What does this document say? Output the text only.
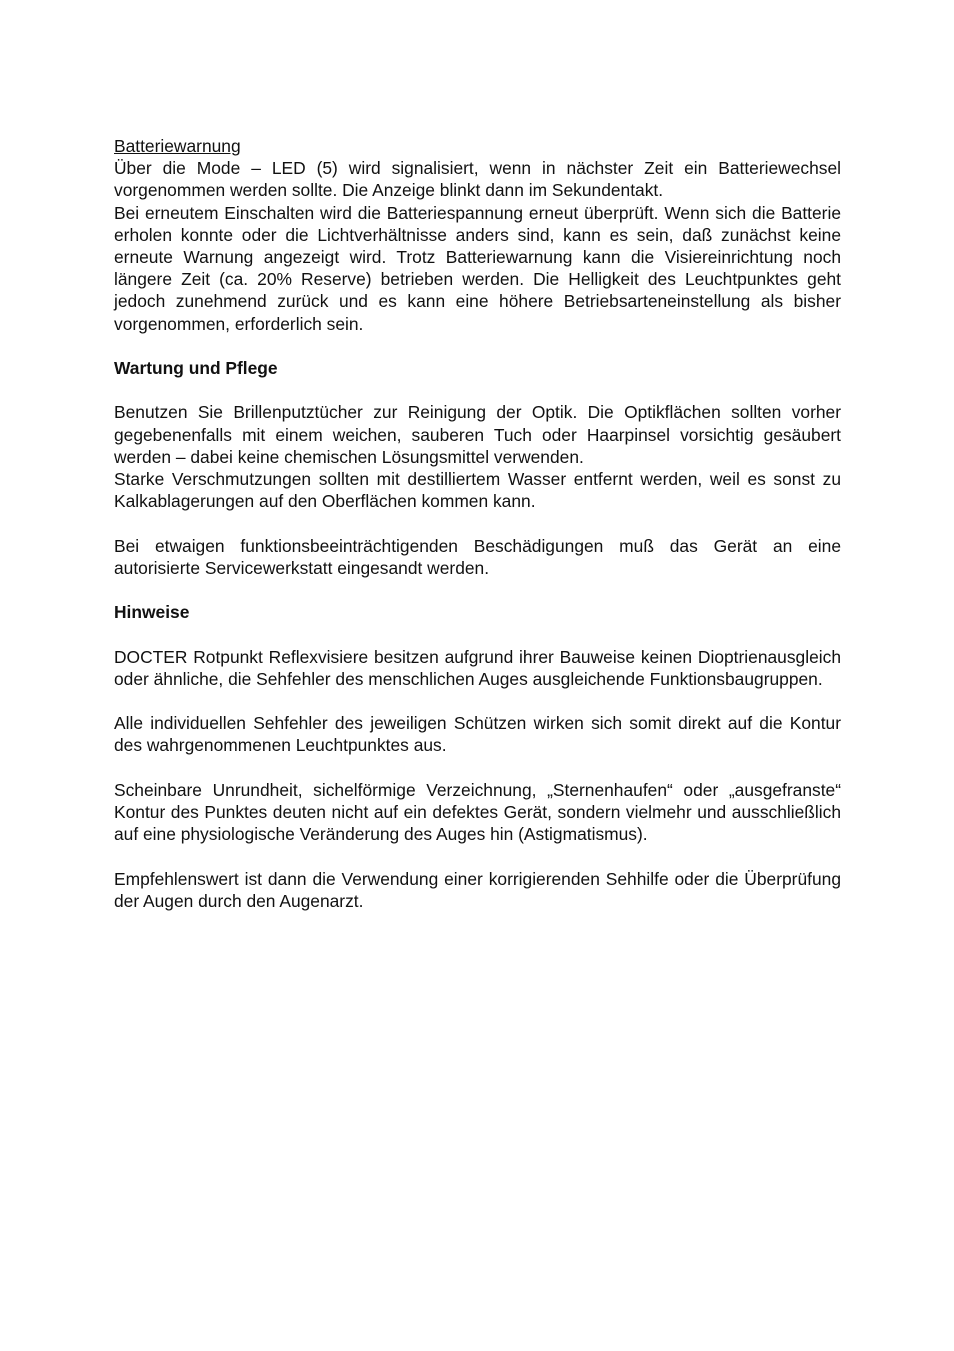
Batteriewarnung

Über die Mode – LED (5) wird signalisiert, wenn in nächster Zeit ein Batteriewechsel vorgenommen werden sollte. Die Anzeige blinkt dann im Sekundentakt.

Bei erneutem Einschalten wird die Batteriespannung erneut überprüft. Wenn sich die Batterie erholen konnte oder die Lichtverhältnisse anders sind, kann es sein, daß zunächst keine erneute Warnung angezeigt wird. Trotz Batteriewarnung kann die Visiereinrichtung noch längere Zeit (ca. 20% Reserve) betrieben werden. Die Helligkeit des Leuchtpunktes geht jedoch zunehmend zurück und es kann eine höhere Betriebsarteneinstellung als bisher vorgenommen, erforderlich sein.

Wartung und Pflege

Benutzen Sie Brillenputztücher zur Reinigung der Optik. Die Optikflächen sollten vorher gegebenenfalls mit einem weichen, sauberen Tuch oder Haarpinsel vorsichtig gesäubert werden – dabei keine chemischen Lösungsmittel verwenden.

Starke Verschmutzungen sollten mit destilliertem Wasser entfernt werden, weil es sonst zu Kalkablagerungen auf den Oberflächen kommen kann.

Bei etwaigen funktionsbeeinträchtigenden Beschädigungen muß das Gerät an eine autorisierte Servicewerkstatt eingesandt werden.

Hinweise

DOCTER Rotpunkt Reflexvisiere besitzen aufgrund ihrer Bauweise keinen Dioptrienausgleich oder ähnliche, die Sehfehler des menschlichen Auges ausgleichende Funktionsbaugruppen.

Alle individuellen Sehfehler des jeweiligen Schützen wirken sich somit direkt auf die Kontur des wahrgenommenen Leuchtpunktes aus.

Scheinbare Unrundheit, sichelförmige Verzeichnung, „Sternenhaufen“ oder „ausgefranste“ Kontur des Punktes deuten nicht auf ein defektes Gerät, sondern vielmehr und ausschließlich auf eine physiologische Veränderung des Auges hin (Astigmatismus).

Empfehlenswert ist dann die Verwendung einer korrigierenden Sehhilfe oder die Überprüfung der Augen durch den Augenarzt.
